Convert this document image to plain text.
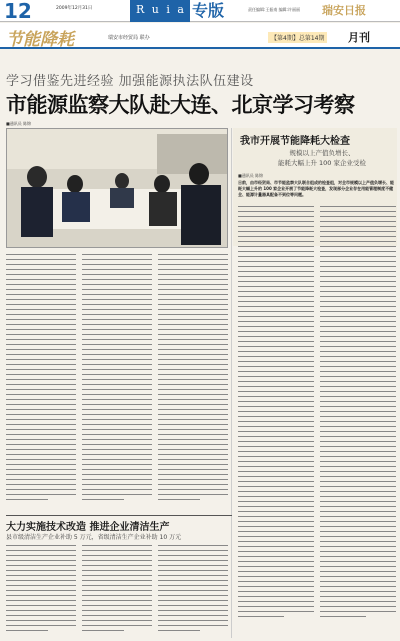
12	2009年12月31日	R u i a n
专版	责任编辑:王振南 编辑:许丽丽 瑞安日报
节能降耗	瑞安市经贸局 联办	【第4期】总第14期 月刊
学习借鉴先进经验 加强能源执法队伍建设
市能源监察大队赴大连、北京学习考察
■通讯员 陈锦
我市开展节能降耗大检查
规模以上产值负增长、
能耗大幅上升 100 家企业受检
■通讯员 陈锦
日前，由市经贸局、市节能监察大队联合组成的检查组，对全市规模以上产值负增长、能耗大幅上升的 100 家企业开展了节能降耗大检查，发现部分企业存在用能管理制度不健全、能源计量器具配备不到位等问题。
大力实施技术改造 推进企业清洁生产
县市级清洁生产企业补助 5 万元，省级清洁生产企业补助 10 万元
